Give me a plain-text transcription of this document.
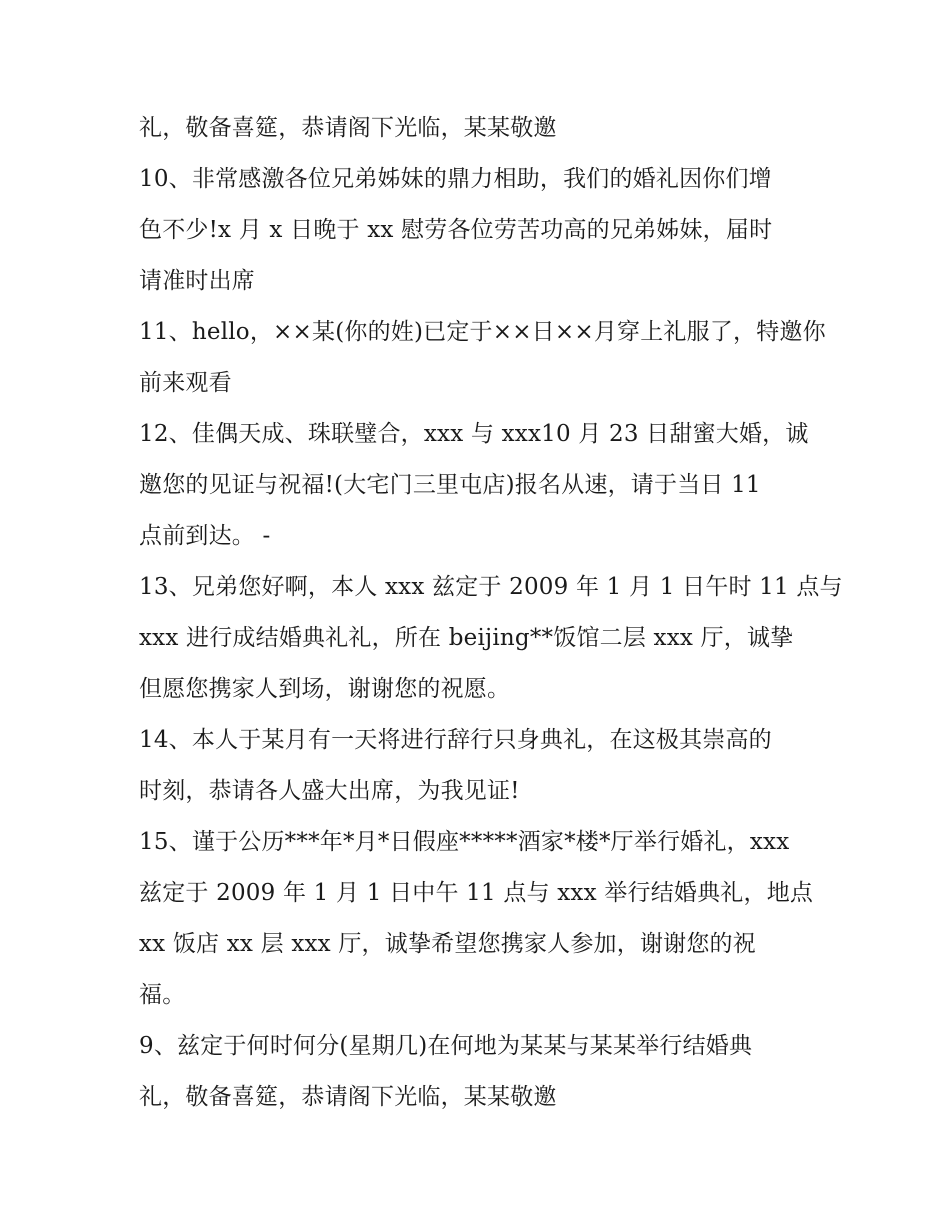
礼，敬备喜筵，恭请阁下光临，某某敬邀
10、非常感激各位兄弟姊妹的鼎力相助，我们的婚礼因你们增
色不少!x 月 x 日晚于 xx 慰劳各位劳苦功高的兄弟姊妹，届时
请准时出席
11、hello，××某(你的姓)已定于××日××月穿上礼服了，特邀你
前来观看
12、佳偶天成、珠联璧合，xxx 与 xxx10 月 23 日甜蜜大婚，诚
邀您的见证与祝福!(大宅门三里屯店)报名从速，请于当日 11
点前到达。 -
13、兄弟您好啊，本人 xxx 兹定于 2009 年 1 月 1 日午时 11 点与
xxx 进行成结婚典礼礼，所在 beijing**饭馆二层 xxx 厅，诚挚
但愿您携家人到场，谢谢您的祝愿。
14、本人于某月有一天将进行辞行只身典礼，在这极其崇高的
时刻，恭请各人盛大出席，为我见证!
15、谨于公历***年*月*日假座*****酒家*楼*厅举行婚礼，xxx
兹定于 2009 年 1 月 1 日中午 11 点与 xxx 举行结婚典礼，地点
xx 饭店 xx 层 xxx 厅，诚挚希望您携家人参加，谢谢您的祝
福。
9、兹定于何时何分(星期几)在何地为某某与某某举行结婚典
礼，敬备喜筵，恭请阁下光临，某某敬邀
